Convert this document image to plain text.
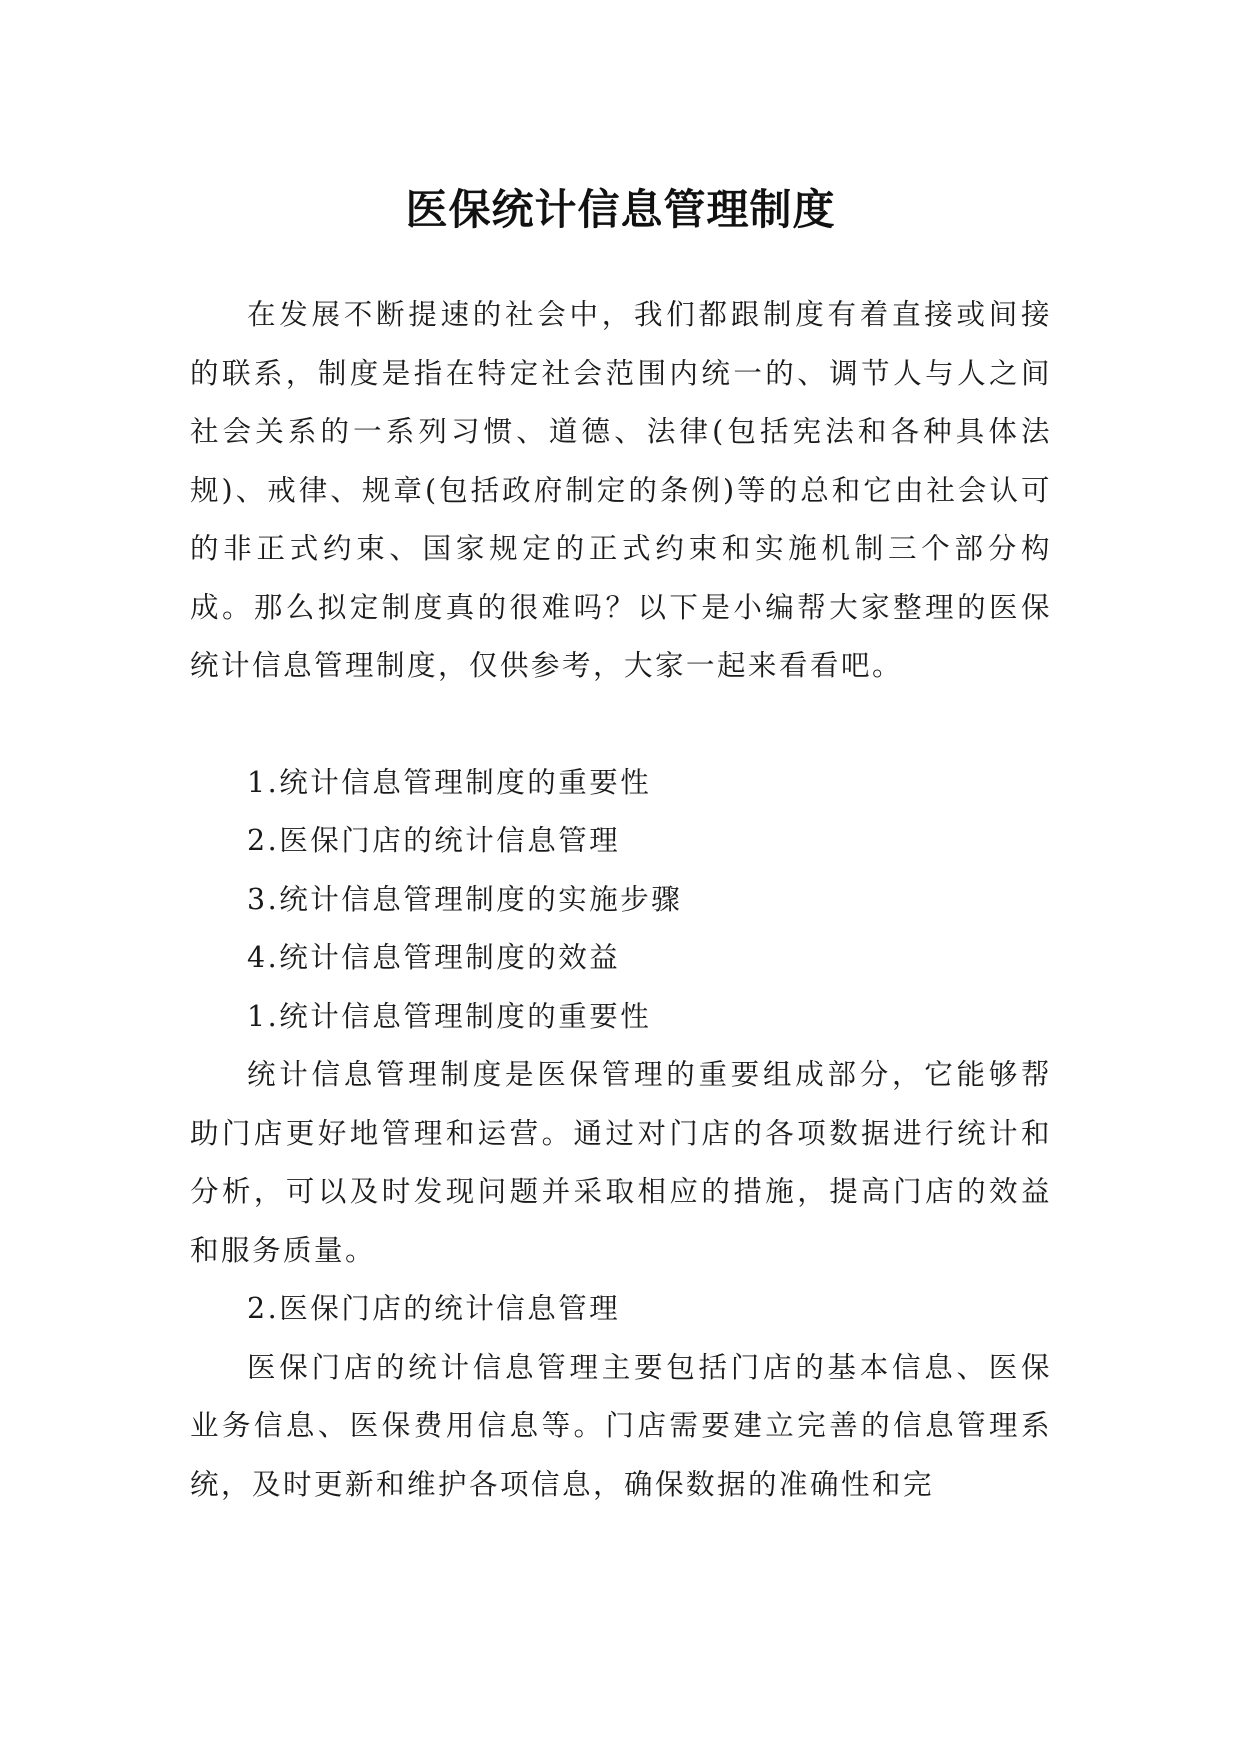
医保统计信息管理制度

在发展不断提速的社会中，我们都跟制度有着直接或间接的联系，制度是指在特定社会范围内统一的、调节人与人之间社会关系的一系列习惯、道德、法律(包括宪法和各种具体法规)、戒律、规章(包括政府制定的条例)等的总和它由社会认可的非正式约束、国家规定的正式约束和实施机制三个部分构成。那么拟定制度真的很难吗？以下是小编帮大家整理的医保统计信息管理制度，仅供参考，大家一起来看看吧。

1.统计信息管理制度的重要性

2.医保门店的统计信息管理

3.统计信息管理制度的实施步骤

4.统计信息管理制度的效益

1.统计信息管理制度的重要性

统计信息管理制度是医保管理的重要组成部分，它能够帮助门店更好地管理和运营。通过对门店的各项数据进行统计和分析，可以及时发现问题并采取相应的措施，提高门店的效益和服务质量。

2.医保门店的统计信息管理

医保门店的统计信息管理主要包括门店的基本信息、医保业务信息、医保费用信息等。门店需要建立完善的信息管理系统，及时更新和维护各项信息，确保数据的准确性和完
